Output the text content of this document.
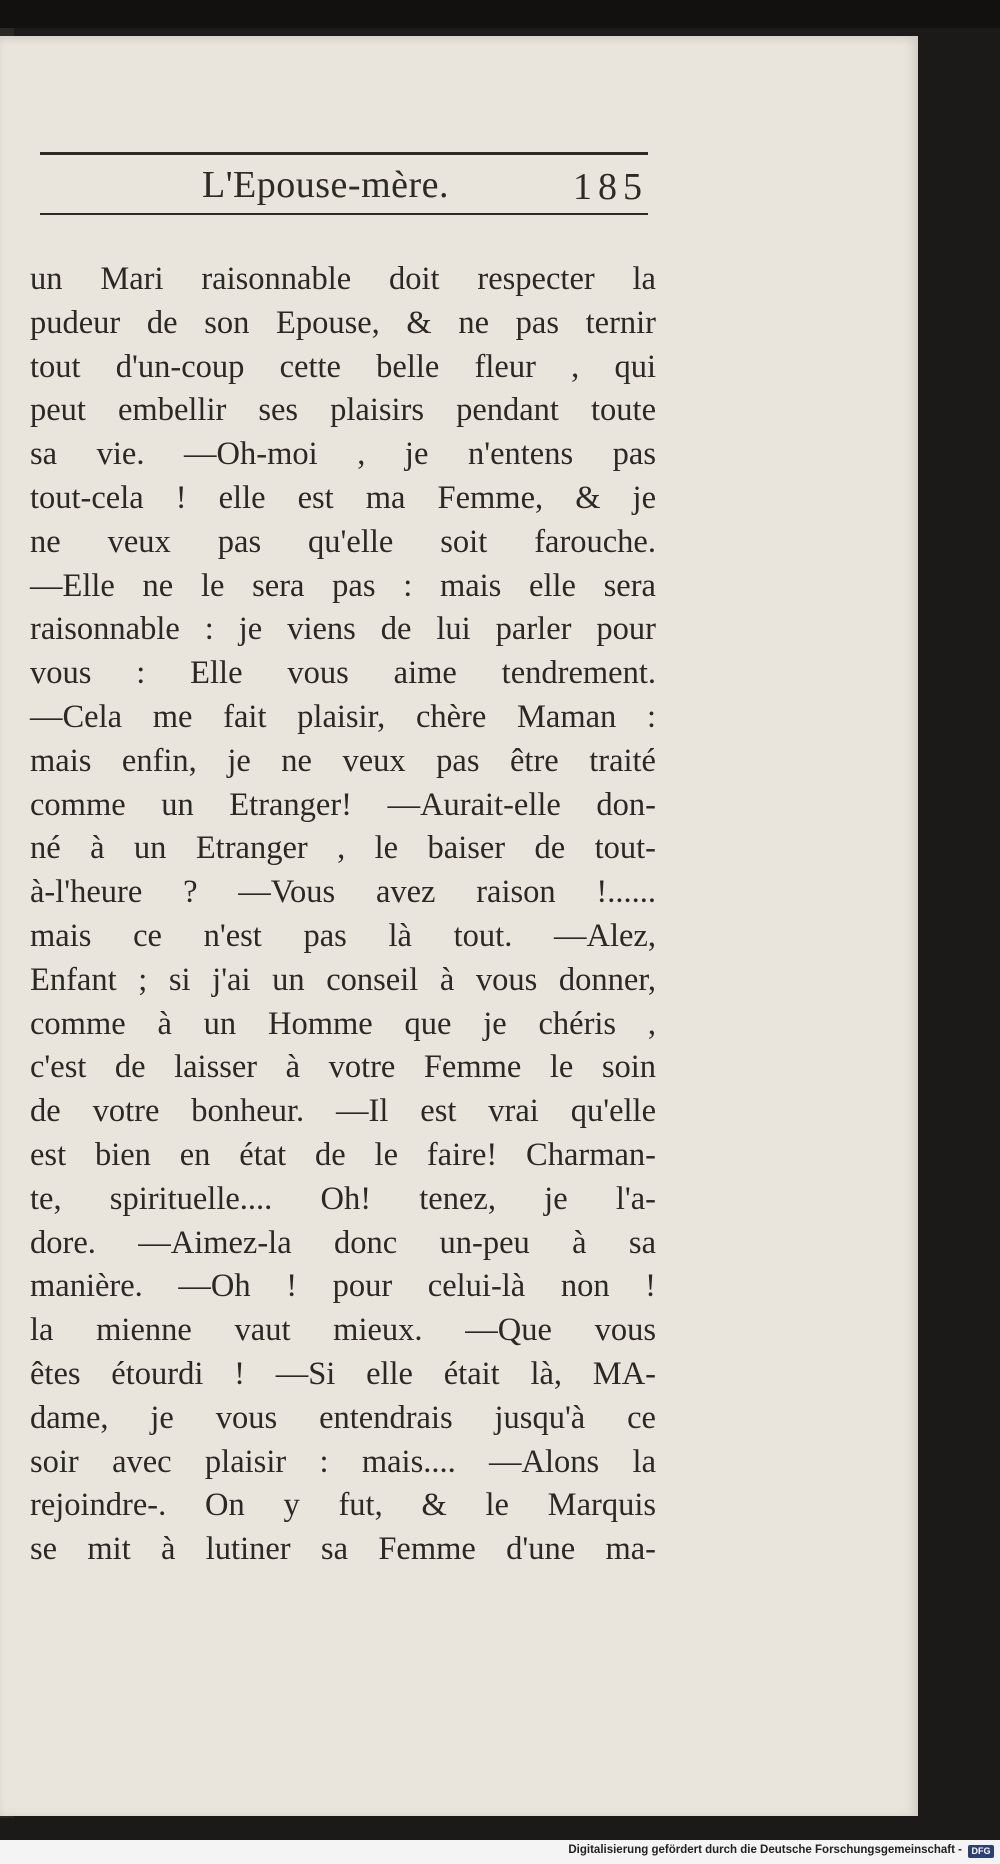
L'Epouse-mère.	185
un Mari raisonnable doit respecter la
pudeur de son Epouse, & ne pas ternir
tout d'un-coup cette belle fleur , qui
peut embellir ses plaisirs pendant toute
sa vie. —Oh-moi , je n'entens pas
tout-cela ! elle est ma Femme, & je
ne veux pas qu'elle soit farouche.
—Elle ne le sera pas : mais elle sera
raisonnable : je viens de lui parler pour
vous : Elle vous aime tendrement.
—Cela me fait plaisir, chère Maman :
mais enfin, je ne veux pas être traité
comme un Etranger! —Aurait-elle don-
né à un Etranger , le baiser de tout-
à-l'heure ? —Vous avez raison !......
mais ce n'est pas là tout. —Alez,
Enfant ; si j'ai un conseil à vous donner,
comme à un Homme que je chéris ,
c'est de laisser à votre Femme le soin
de votre bonheur. —Il est vrai qu'elle
est bien en état de le faire! Charman-
te, spirituelle.... Oh! tenez, je l'a-
dore. —Aimez-la donc un-peu à sa
manière. —Oh ! pour celui-là non !
la mienne vaut mieux. —Que vous
êtes étourdi ! —Si elle était là, MA-
dame, je vous entendrais jusqu'à ce
soir avec plaisir : mais.... —Alons la
rejoindre-. On y fut, & le Marquis
se mit à lutiner sa Femme d'une ma-
Digitalisierung gefördert durch die Deutsche Forschungsgemeinschaft -	DFG
